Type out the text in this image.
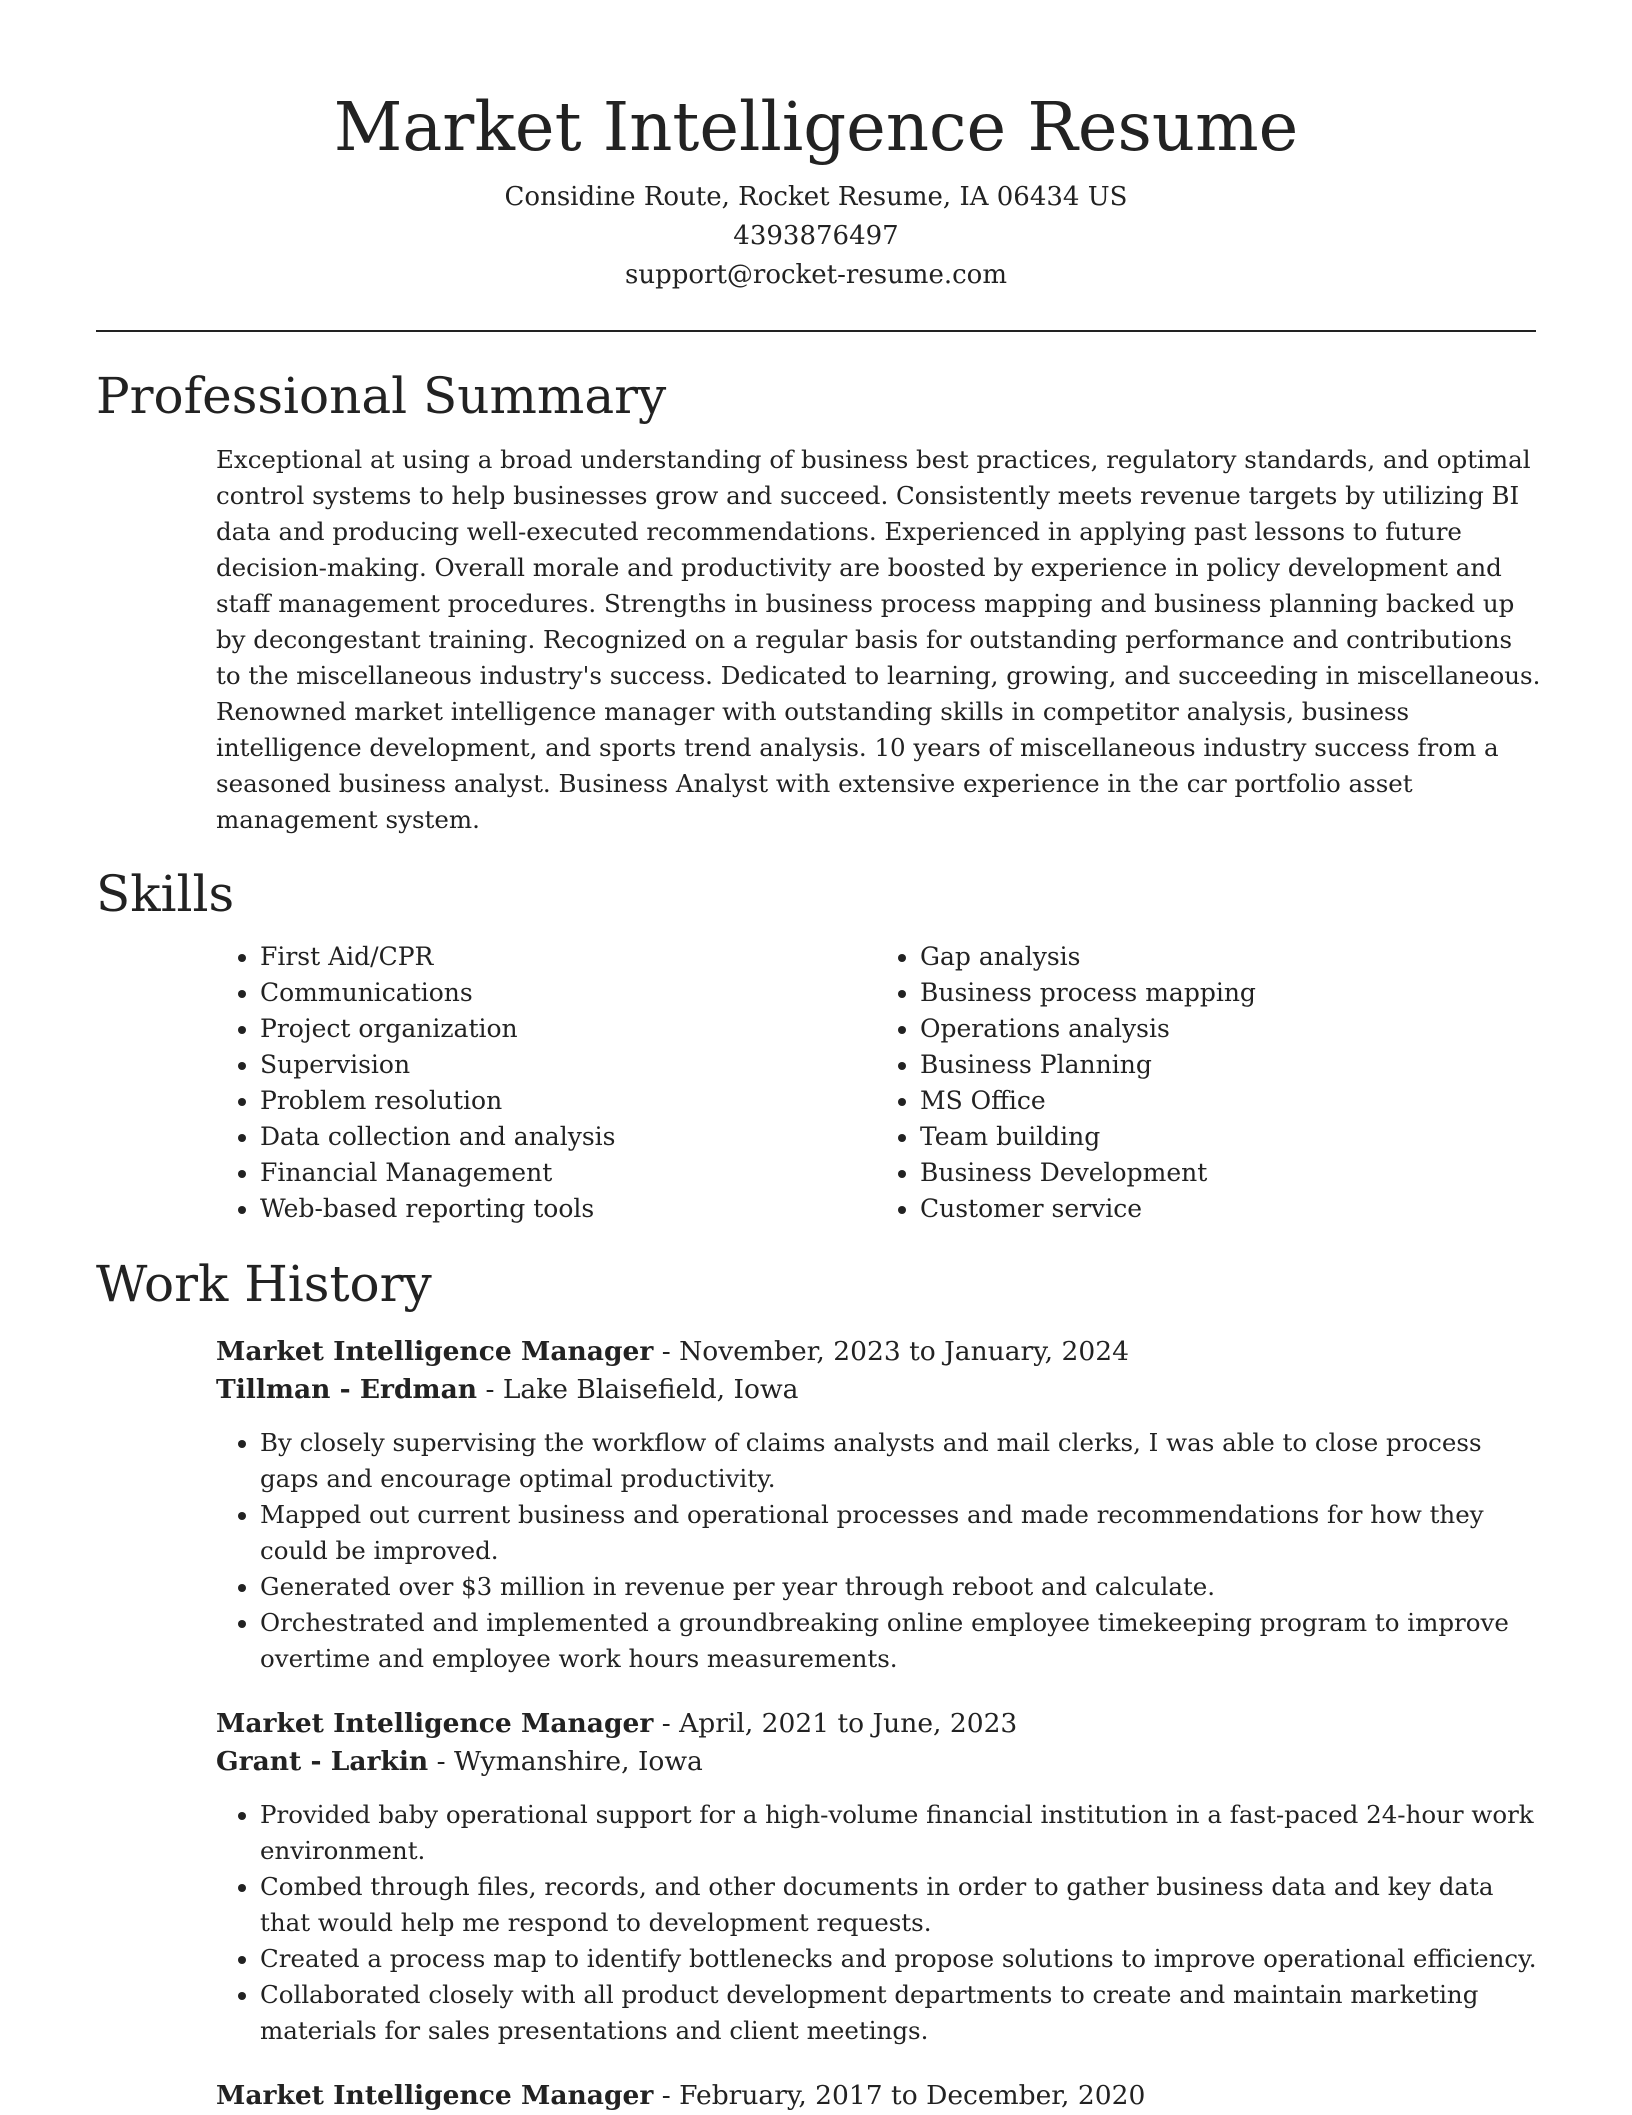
Market Intelligence Resume

Considine Route, Rocket Resume, IA 06434 US

4393876497

support@rocket-resume.com

Professional Summary

Exceptional at using a broad understanding of business best practices, regulatory standards, and optimal control systems to help businesses grow and succeed. Consistently meets revenue targets by utilizing BI data and producing well-executed recommendations. Experienced in applying past lessons to future decision-making. Overall morale and productivity are boosted by experience in policy development and staff management procedures. Strengths in business process mapping and business planning backed up by decongestant training. Recognized on a regular basis for outstanding performance and contributions to the miscellaneous industry's success. Dedicated to learning, growing, and succeeding in miscellaneous. Renowned market intelligence manager with outstanding skills in competitor analysis, business intelligence development, and sports trend analysis. 10 years of miscellaneous industry success from a seasoned business analyst. Business Analyst with extensive experience in the car portfolio asset management system.

Skills
• First Aid/CPR
• Communications
• Project organization
• Supervision
• Problem resolution
• Data collection and analysis
• Financial Management
• Web-based reporting tools
• Gap analysis
• Business process mapping
• Operations analysis
• Business Planning
• MS Office
• Team building
• Business Development
• Customer service
Work History

Market Intelligence Manager - November, 2023 to January, 2024

Tillman - Erdman - Lake Blaisefield, Iowa

• By closely supervising the workflow of claims analysts and mail clerks, I was able to close process gaps and encourage optimal productivity.
• Mapped out current business and operational processes and made recommendations for how they could be improved.
• Generated over $3 million in revenue per year through reboot and calculate.
• Orchestrated and implemented a groundbreaking online employee timekeeping program to improve overtime and employee work hours measurements.

Market Intelligence Manager - April, 2021 to June, 2023

Grant - Larkin - Wymanshire, Iowa

• Provided baby operational support for a high-volume financial institution in a fast-paced 24-hour work environment.
• Combed through files, records, and other documents in order to gather business data and key data that would help me respond to development requests.
• Created a process map to identify bottlenecks and propose solutions to improve operational efficiency.
• Collaborated closely with all product development departments to create and maintain marketing materials for sales presentations and client meetings.

Market Intelligence Manager - February, 2017 to December, 2020
